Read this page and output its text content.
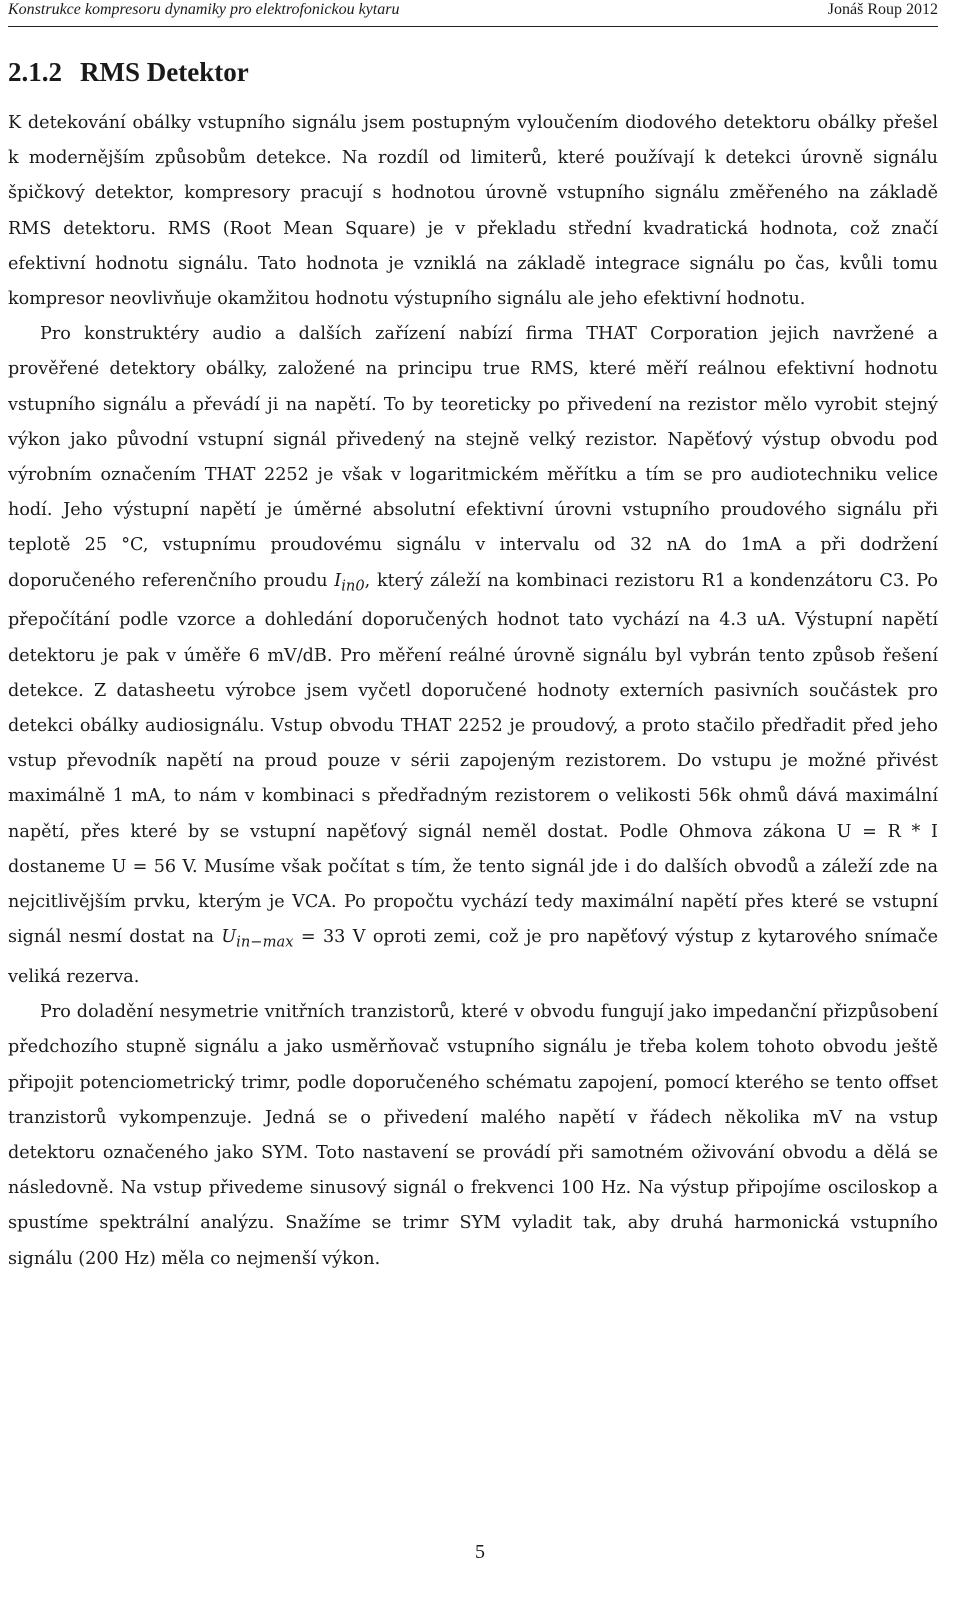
Konstrukce kompresoru dynamiky pro elektrofonickou kytaru	Jonáš Roup 2012
2.1.2 RMS Detektor

K detekování obálky vstupního signálu jsem postupným vyloučením diodového detektoru obálky přešel k modernějším způsobům detekce. Na rozdíl od limiterů, které používají k detekci úrovně signálu špičkový detektor, kompresory pracují s hodnotou úrovně vstupního signálu změřeného na základě RMS detektoru. RMS (Root Mean Square) je v překladu střední kvadratická hodnota, což značí efektivní hodnotu signálu. Tato hodnota je vzniklá na základě integrace signálu po čas, kvůli tomu kompresor neovlivňuje okamžitou hodnotu výstupního signálu ale jeho efektivní hodnotu.

Pro konstruktéry audio a dalších zařízení nabízí firma THAT Corporation jejich navržené a prověřené detektory obálky, založené na principu true RMS, které měří reálnou efektivní hodnotu vstupního signálu a převádí ji na napětí. To by teoreticky po přivedení na rezistor mělo vyrobit stejný výkon jako původní vstupní signál přivedený na stejně velký rezistor. Napěťový výstup obvodu pod výrobním označením THAT 2252 je však v logaritmickém měřítku a tím se pro audiotechniku velice hodí. Jeho výstupní napětí je úměrné absolutní efektivní úrovni vstupního proudového signálu při teplotě 25 °C, vstupnímu proudovému signálu v intervalu od 32 nA do 1mA a při dodržení doporučeného referenčního proudu $I_{in0}$, který záleží na kombinaci rezistoru R1 a kondenzátoru C3. Po přepočítání podle vzorce a dohledání doporučených hodnot tato vychází na 4.3 uA. Výstupní napětí detektoru je pak v úměře 6 mV/dB. Pro měření reálné úrovně signálu byl vybrán tento způsob řešení detekce. Z datasheetu výrobce jsem vyčetl doporučené hodnoty externích pasivních součástek pro detekci obálky audiosignálu. Vstup obvodu THAT 2252 je proudový, a proto stačilo předřadit před jeho vstup převodník napětí na proud pouze v sérii zapojeným rezistorem. Do vstupu je možné přivést maximálně 1 mA, to nám v kombinaci s předřadným rezistorem o velikosti 56k ohmů dává maximální napětí, přes které by se vstupní napěťový signál neměl dostat. Podle Ohmova zákona U = R * I dostaneme U = 56 V. Musíme však počítat s tím, že tento signál jde i do dalších obvodů a záleží zde na nejcitlivějším prvku, kterým je VCA. Po propočtu vychází tedy maximální napětí přes které se vstupní signál nesmí dostat na $U_{in-max} = 33$ V oproti zemi, což je pro napěťový výstup z kytarového snímače veliká rezerva.

Pro doladění nesymetrie vnitřních tranzistorů, které v obvodu fungují jako impedanční přizpůsobení předchozího stupně signálu a jako usměrňovač vstupního signálu je třeba kolem tohoto obvodu ještě připojit potenciometrický trimr, podle doporučeného schématu zapojení, pomocí kterého se tento offset tranzistorů vykompenzuje. Jedná se o přivedení malého napětí v řádech několika mV na vstup detektoru označeného jako SYM. Toto nastavení se provádí při samotném oživování obvodu a dělá se následovně. Na vstup přivedeme sinusový signál o frekvenci 100 Hz. Na výstup připojíme osciloskop a spustíme spektrální analýzu. Snažíme se trimr SYM vyladit tak, aby druhá harmonická vstupního signálu (200 Hz) měla co nejmenší výkon.

5
